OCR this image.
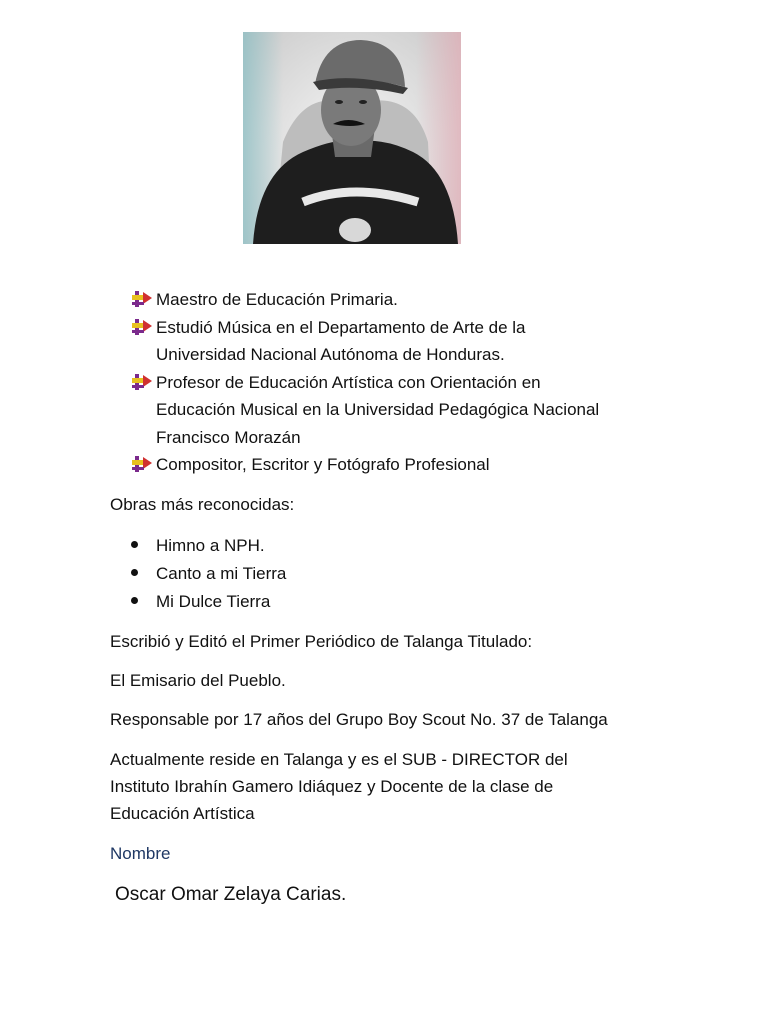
Maestro de Educación Primaria.
Estudió Música en el Departamento de Arte de la
Universidad Nacional Autónoma de Honduras.
Profesor de Educación Artística con Orientación en
Educación Musical en la Universidad Pedagógica Nacional
Francisco Morazán
Compositor, Escritor y Fotógrafo Profesional
Obras más reconocidas:
Himno a NPH.
Canto a mi Tierra
Mi Dulce Tierra
Escribió y Editó el Primer Periódico de Talanga Titulado:
El Emisario del Pueblo.
Responsable por 17 años del Grupo Boy Scout No. 37 de Talanga
Actualmente reside en Talanga y es el SUB - DIRECTOR del
Instituto Ibrahín Gamero Idiáquez y Docente de la clase de
Educación Artística
Nombre
Oscar Omar Zelaya Carias.
